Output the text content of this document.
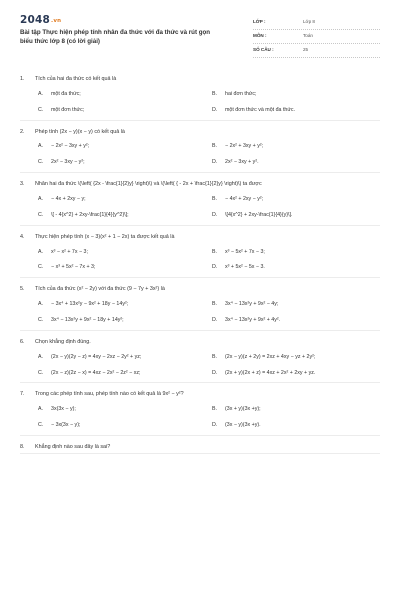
2048.vn
Bài tập Thực hiện phép tính nhân đa thức với đa thức và rút gọn biểu thức lớp 8 (có lời giải)
LỚP :	Lớp 8
MÔN :	Toán
SỐ CÂU :	25
1. Tích của hai đa thức có kết quả là
A. một đa thức;	B. hai đơn thức;
C. một đơn thức;	D. một đơn thức và một đa thức.
2. Phép tính (2x − y)(x − y) có kết quả là
A. − 2x² − 3xy + y²;	B. − 2x² + 3xy + y²;
C. 2x² − 3xy − y²;	D. 2x² − 3xy + y².
3. Nhân hai đa thức \(\left( {2x - \frac{1}{2}y} \right)\) và \(\left( { - 2x + \frac{1}{2}y} \right)\) ta được
A. − 4x + 2xy − y;	B. − 4x² + 2xy − y²;
C. \[ - 4{x^2} + 2xy-\frac{1}{4}{y^2}\];	D. \[4{x^2} + 2xy-\frac{1}{4}{y}\].
4. Thực hiện phép tính (x − 3)(x² + 1 − 2x) ta được kết quả là
A. x³ − x² + 7x − 3;	B. x³ − 5x² + 7x − 3;
C. − x³ + 5x² − 7x + 3;	D. x³ + 5x² − 5x − 3.
5. Tích của đa thức (x² − 2y) với đa thức (9 − 7y + 3x²) là
A. − 3x⁴ + 13x²y − 9x² + 18y − 14y²;	B. 3x⁴ − 13x²y + 9x² − 4y;
C. 3x⁴ − 13x²y + 9x² − 18y + 14y²;	D. 3x⁴ − 13x²y + 9x² + 4y².
6. Chọn khẳng định đúng.
A. (2x − y)(2y − z) = 4xy − 2xz − 2y² + yz;	B. (2x − y)(z + 2y) = 2xz + 4xy − yz + 2y²;
C. (2x − z)(2z − x) = 4xz − 2x² − 2z² − xz;	D. (2x + y)(2x + z) = 4xz + 2x² + 2xy + yz.
7. Trong các phép tính sau, phép tính nào có kết quả là 9x² − y²?
A. 3x(3x − y);	B. (3x + y)(3x +y);
C. − 3x(3x − y);	D. (3x − y)(3x +y).
8. Khẳng định nào sau đây là sai?
